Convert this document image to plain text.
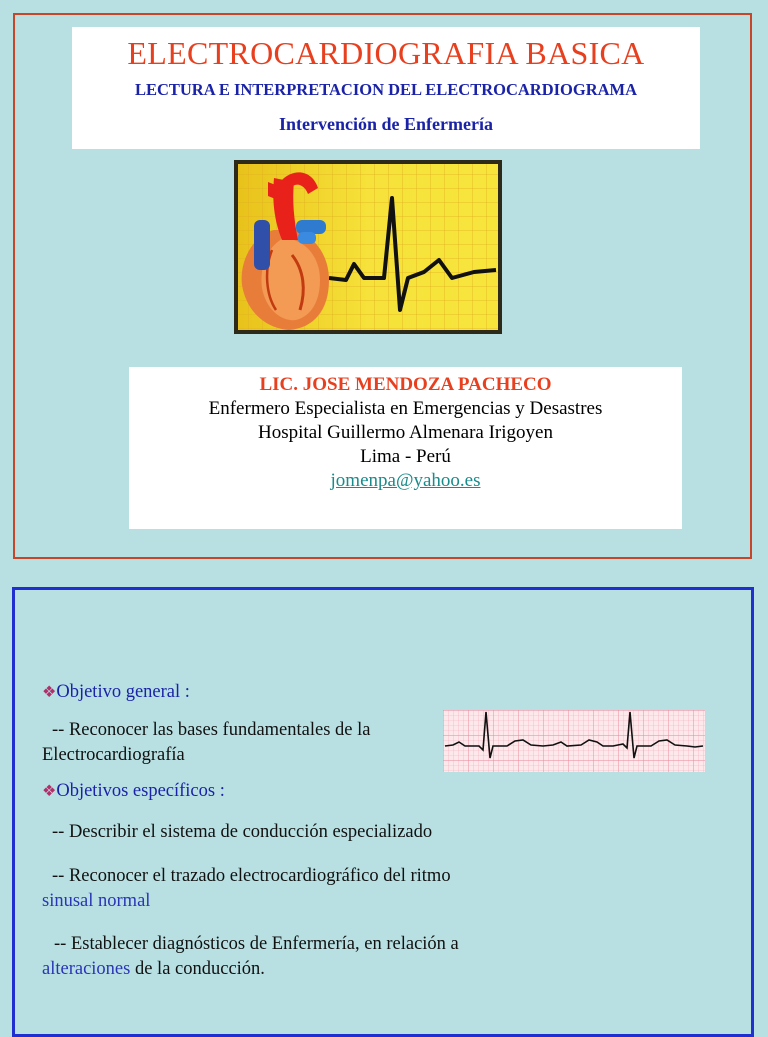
ELECTROCARDIOGRAFIA BASICA
LECTURA E INTERPRETACION DEL ELECTROCARDIOGRAMA
Intervención de Enfermería
LIC. JOSE MENDOZA PACHECO
Enfermero Especialista en Emergencias y Desastres
Hospital Guillermo Almenara Irigoyen
Lima - Perú
jomenpa@yahoo.es

❖Objetivo general :

-- Reconocer las bases fundamentales de la Electrocardiografía

❖Objetivos específicos :

-- Describir el sistema de conducción especializado

-- Reconocer el trazado electrocardiográfico del ritmo sinusal normal

-- Establecer diagnósticos de Enfermería, en relación a alteraciones de la conducción.
